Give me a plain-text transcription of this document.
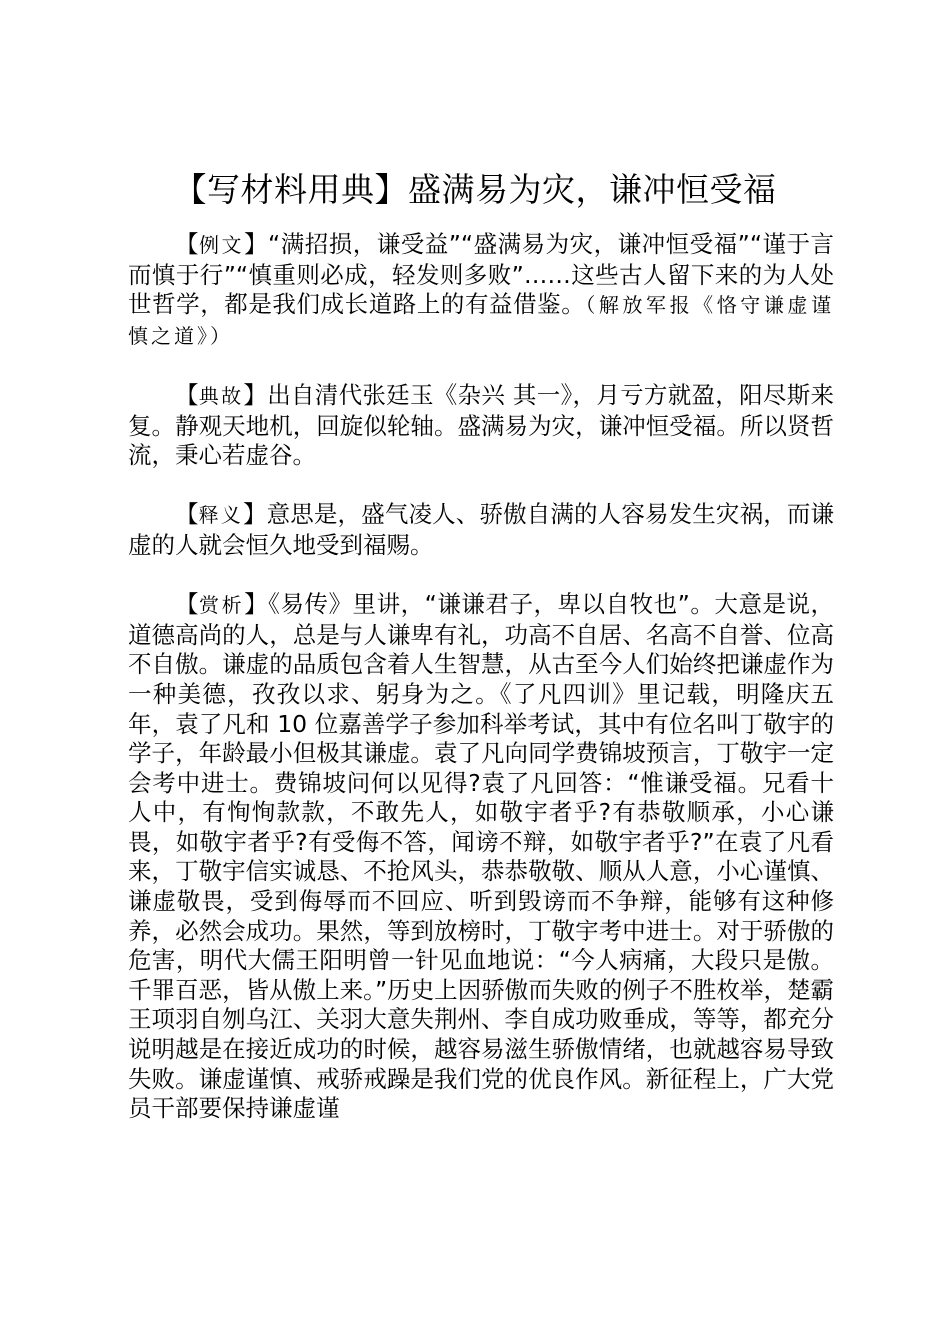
【写材料用典】盛满易为灾，谦冲恒受福

【例文】“满招损，谦受益”“盛满易为灾，谦冲恒受福”“谨于言而慎于行”“慎重则必成，轻发则多败”……这些古人留下来的为人处世哲学，都是我们成长道路上的有益借鉴。（解放军报《恪守谦虚谨慎之道》）

【典故】出自清代张廷玉《杂兴 其一》，月亏方就盈，阳尽斯来复。静观天地机，回旋似轮轴。盛满易为灾，谦冲恒受福。所以贤哲流，秉心若虚谷。

【释义】意思是，盛气凌人、骄傲自满的人容易发生灾祸，而谦虚的人就会恒久地受到福赐。

【赏析】《易传》里讲，“谦谦君子，卑以自牧也”。大意是说，道德高尚的人，总是与人谦卑有礼，功高不自居、名高不自誉、位高不自傲。谦虚的品质包含着人生智慧，从古至今人们始终把谦虚作为一种美德，孜孜以求、躬身为之。《了凡四训》里记载，明隆庆五年，袁了凡和 10 位嘉善学子参加科举考试，其中有位名叫丁敬宇的学子，年龄最小但极其谦虚。袁了凡向同学费锦坡预言，丁敬宇一定会考中进士。费锦坡问何以见得?袁了凡回答：“惟谦受福。兄看十人中，有恂恂款款，不敢先人，如敬宇者乎?有恭敬顺承，小心谦畏，如敬宇者乎?有受侮不答，闻谤不辩，如敬宇者乎?”在袁了凡看来，丁敬宇信实诚恳、不抢风头，恭恭敬敬、顺从人意，小心谨慎、谦虚敬畏，受到侮辱而不回应、听到毁谤而不争辩，能够有这种修养，必然会成功。果然，等到放榜时，丁敬宇考中进士。对于骄傲的危害，明代大儒王阳明曾一针见血地说：“今人病痛，大段只是傲。千罪百恶，皆从傲上来。”历史上因骄傲而失败的例子不胜枚举，楚霸王项羽自刎乌江、关羽大意失荆州、李自成功败垂成，等等，都充分说明越是在接近成功的时候，越容易滋生骄傲情绪，也就越容易导致失败。谦虚谨慎、戒骄戒躁是我们党的优良作风。新征程上，广大党员干部要保持谦虚谨
